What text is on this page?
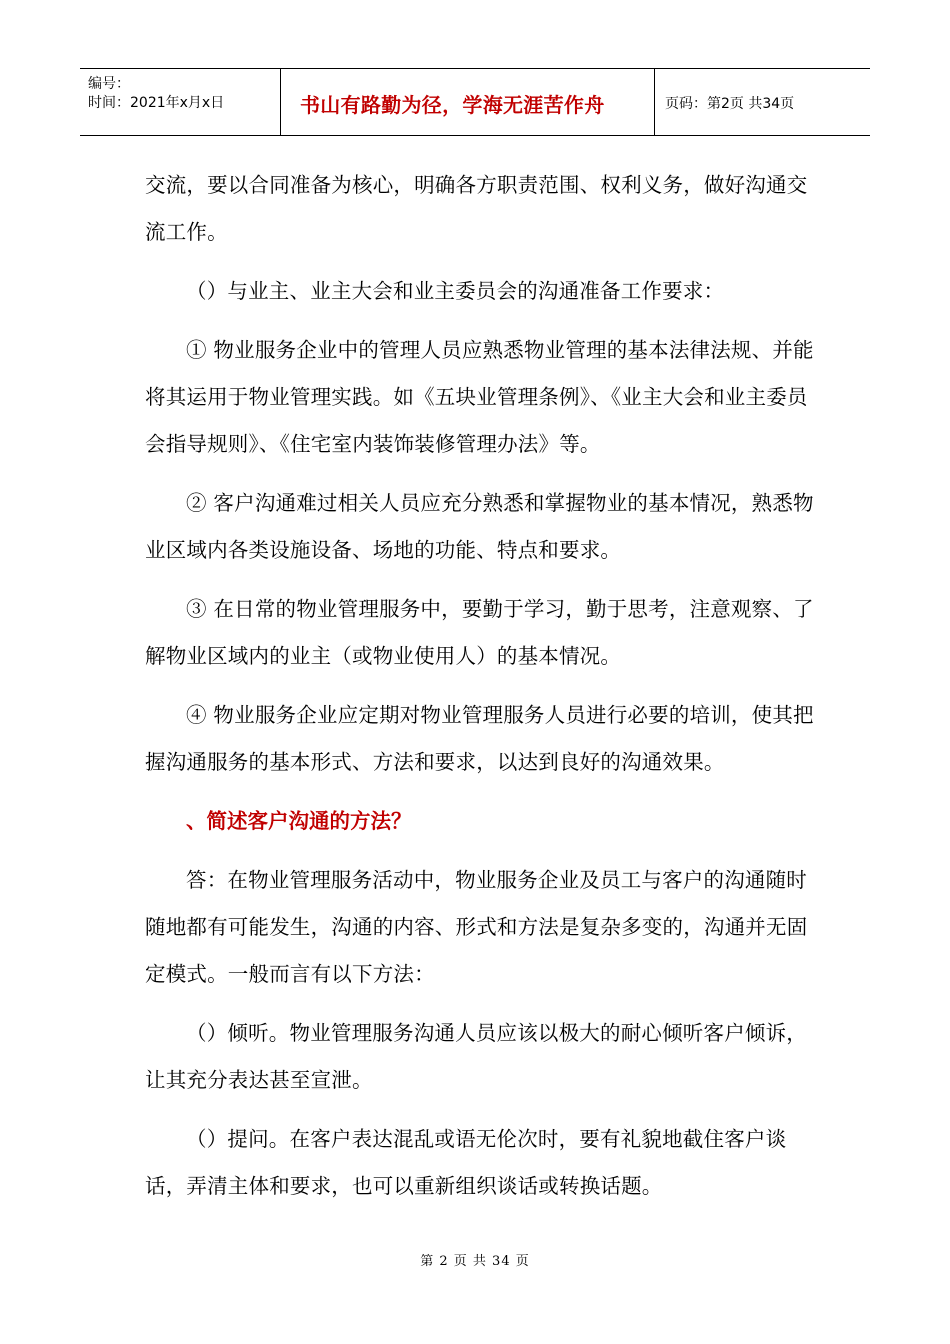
编号：
时间：2021年x月x日	书山有路勤为径，学海无涯苦作舟	页码：第2页 共34页

交流，要以合同准备为核心，明确各方职责范围、权利义务，做好沟通交流工作。

（）与业主、业主大会和业主委员会的沟通准备工作要求：

① 物业服务企业中的管理人员应熟悉物业管理的基本法律法规、并能将其运用于物业管理实践。如《五块业管理条例》、《业主大会和业主委员会指导规则》、《住宅室内装饰装修管理办法》等。

② 客户沟通难过相关人员应充分熟悉和掌握物业的基本情况，熟悉物业区域内各类设施设备、场地的功能、特点和要求。

③ 在日常的物业管理服务中，要勤于学习，勤于思考，注意观察、了解物业区域内的业主（或物业使用人）的基本情况。

④ 物业服务企业应定期对物业管理服务人员进行必要的培训，使其把握沟通服务的基本形式、方法和要求，以达到良好的沟通效果。

、简述客户沟通的方法？

答：在物业管理服务活动中，物业服务企业及员工与客户的沟通随时随地都有可能发生，沟通的内容、形式和方法是复杂多变的，沟通并无固定模式。一般而言有以下方法：

（）倾听。物业管理服务沟通人员应该以极大的耐心倾听客户倾诉，让其充分表达甚至宣泄。

（）提问。在客户表达混乱或语无伦次时，要有礼貌地截住客户谈话，弄清主体和要求，也可以重新组织谈话或转换话题。

第 2 页 共 34 页
